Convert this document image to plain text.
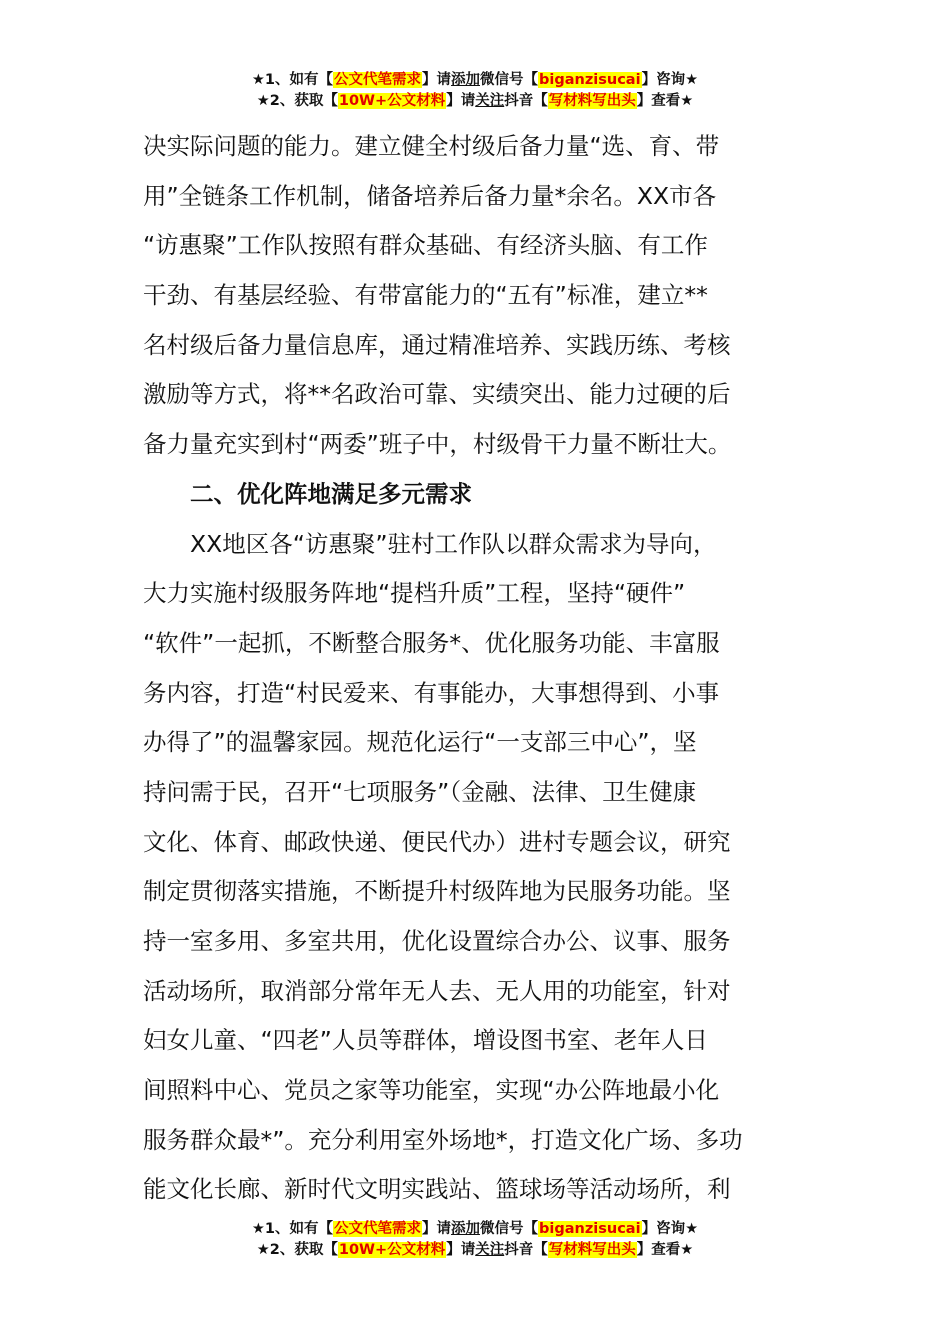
★1、如有【公文代笔需求】请添加微信号【biganzisucai】咨询★
★2、获取【10W+公文材料】请关注抖音【写材料写出头】查看★
决实际问题的能力。建立健全村级后备力量“选、育、带
用”全链条工作机制，储备培养后备力量*余名。XX市各
“访惠聚”工作队按照有群众基础、有经济头脑、有工作
干劲、有基层经验、有带富能力的“五有”标准，建立**
名村级后备力量信息库，通过精准培养、实践历练、考核
激励等方式，将**名政治可靠、实绩突出、能力过硬的后
备力量充实到村“两委”班子中，村级骨干力量不断壮大。
二、优化阵地满足多元需求
XX地区各“访惠聚”驻村工作队以群众需求为导向，
大力实施村级服务阵地“提档升质”工程，坚持“硬件”
“软件”一起抓，不断整合服务*、优化服务功能、丰富服
务内容，打造“村民爱来、有事能办，大事想得到、小事
办得了”的温馨家园。规范化运行“一支部三中心”，坚
持问需于民，召开“七项服务”（金融、法律、卫生健康
文化、体育、邮政快递、便民代办）进村专题会议，研究
制定贯彻落实措施，不断提升村级阵地为民服务功能。坚
持一室多用、多室共用，优化设置综合办公、议事、服务
活动场所，取消部分常年无人去、无人用的功能室，针对
妇女儿童、“四老”人员等群体，增设图书室、老年人日
间照料中心、党员之家等功能室，实现“办公阵地最小化
服务群众最*”。充分利用室外场地*，打造文化广场、多功
能文化长廊、新时代文明实践站、篮球场等活动场所，利
★1、如有【公文代笔需求】请添加微信号【biganzisucai】咨询★
★2、获取【10W+公文材料】请关注抖音【写材料写出头】查看★
